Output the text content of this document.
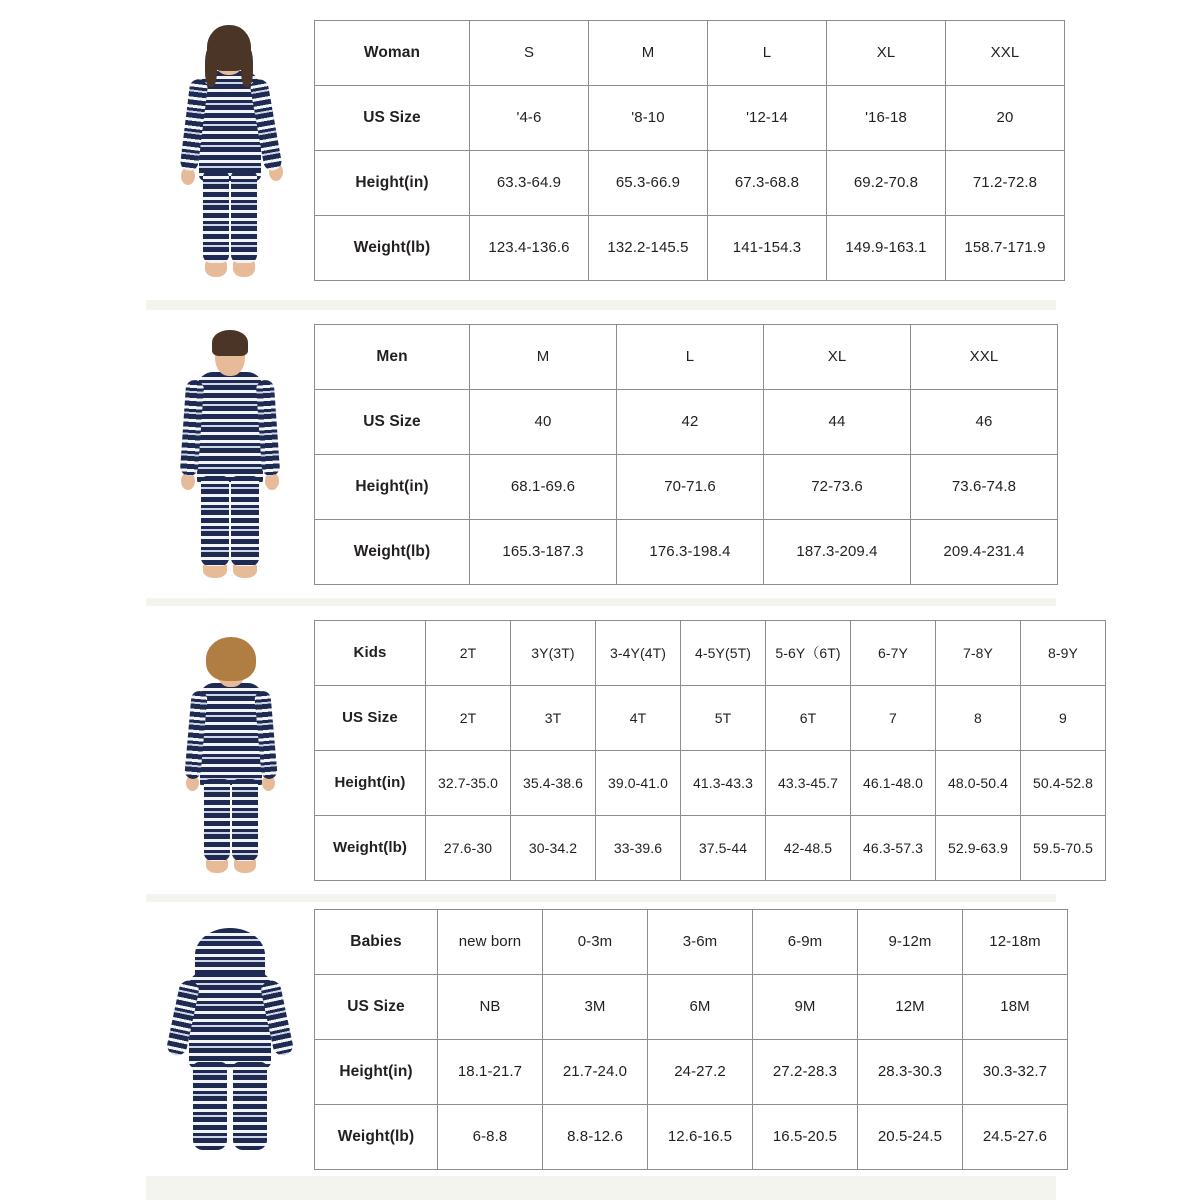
Woman	S	M	L	XL	XXL
US Size	'4-6	'8-10	'12-14	'16-18	20
Height(in)	63.3-64.9	65.3-66.9	67.3-68.8	69.2-70.8	71.2-72.8
Weight(lb)	123.4-136.6	132.2-145.5	141-154.3	149.9-163.1	158.7-171.9
Men	M	L	XL	XXL
US Size	40	42	44	46
Height(in)	68.1-69.6	70-71.6	72-73.6	73.6-74.8
Weight(lb)	165.3-187.3	176.3-198.4	187.3-209.4	209.4-231.4
Kids	2T	3Y(3T)	3-4Y(4T)	4-5Y(5T)	5-6Y（6T)	6-7Y	7-8Y	8-9Y
US Size	2T	3T	4T	5T	6T	7	8	9
Height(in)	32.7-35.0	35.4-38.6	39.0-41.0	41.3-43.3	43.3-45.7	46.1-48.0	48.0-50.4	50.4-52.8
Weight(lb)	27.6-30	30-34.2	33-39.6	37.5-44	42-48.5	46.3-57.3	52.9-63.9	59.5-70.5
Babies	new born	0-3m	3-6m	6-9m	9-12m	12-18m
US Size	NB	3M	6M	9M	12M	18M
Height(in)	18.1-21.7	21.7-24.0	24-27.2	27.2-28.3	28.3-30.3	30.3-32.7
Weight(lb)	6-8.8	8.8-12.6	12.6-16.5	16.5-20.5	20.5-24.5	24.5-27.6
